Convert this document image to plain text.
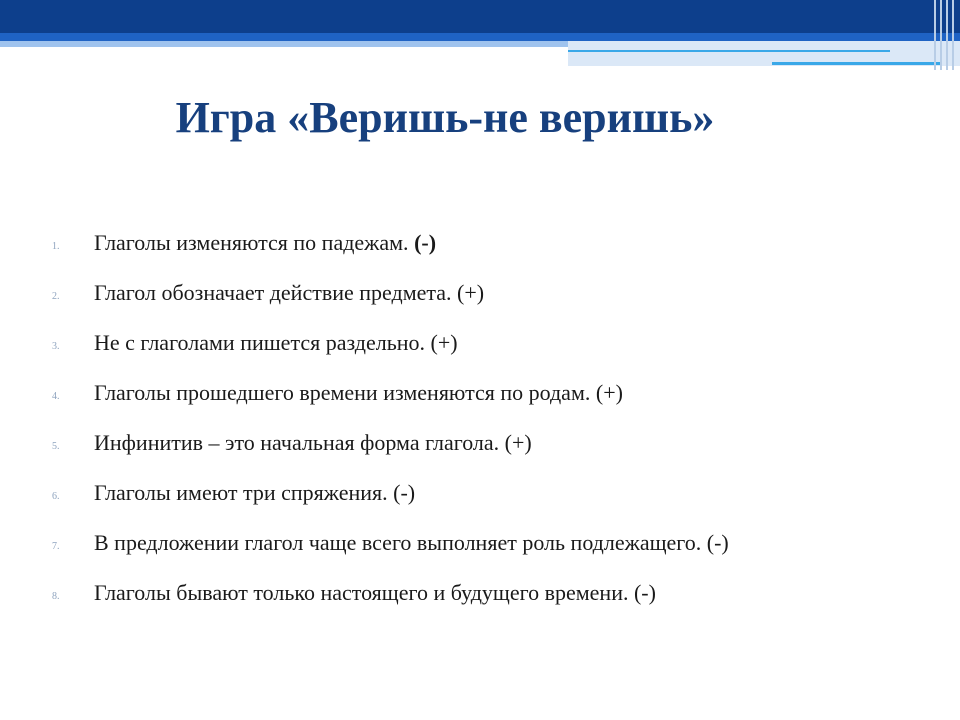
Игра «Веришь-не веришь»
1. Глаголы изменяются по падежам. (-)
2. Глагол обозначает действие предмета. (+)
3. Не с глаголами пишется раздельно. (+)
4. Глаголы прошедшего времени изменяются по родам. (+)
5. Инфинитив – это начальная форма глагола. (+)
6. Глаголы имеют три спряжения. (-)
7. В предложении глагол чаще всего выполняет роль подлежащего. (-)
8. Глаголы бывают только настоящего и будущего времени. (-)
